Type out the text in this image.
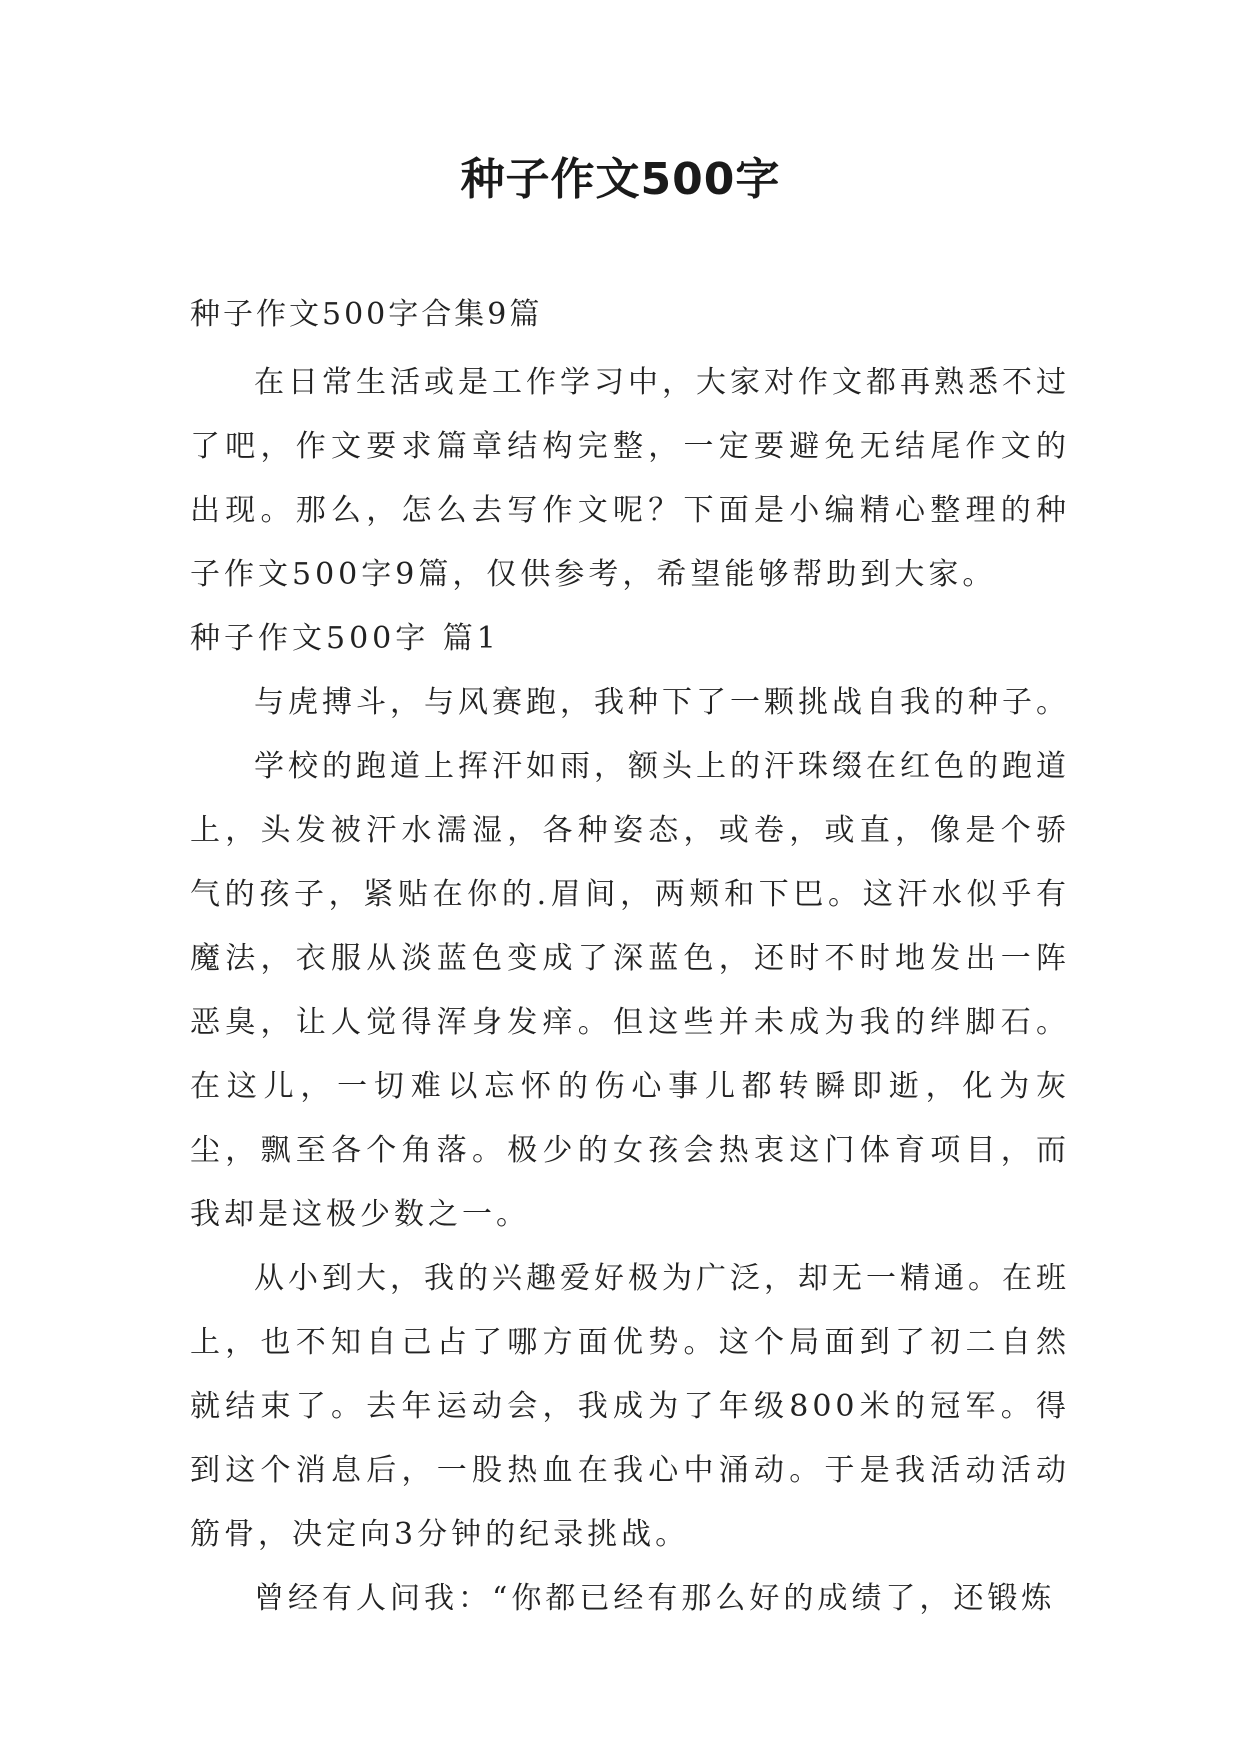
种子作文500字
种子作文500字合集9篇

在日常生活或是工作学习中，大家对作文都再熟悉不过了吧，作文要求篇章结构完整，一定要避免无结尾作文的出现。那么，怎么去写作文呢？下面是小编精心整理的种子作文500字9篇，仅供参考，希望能够帮助到大家。

种子作文500字 篇1

与虎搏斗，与风赛跑，我种下了一颗挑战自我的种子。

学校的跑道上挥汗如雨，额头上的汗珠缀在红色的跑道上，头发被汗水濡湿，各种姿态，或卷，或直，像是个骄气的孩子，紧贴在你的.眉间，两颊和下巴。这汗水似乎有魔法，衣服从淡蓝色变成了深蓝色，还时不时地发出一阵恶臭，让人觉得浑身发痒。但这些并未成为我的绊脚石。在这儿，一切难以忘怀的伤心事儿都转瞬即逝，化为灰尘，飘至各个角落。极少的女孩会热衷这门体育项目，而我却是这极少数之一。

从小到大，我的兴趣爱好极为广泛，却无一精通。在班上，也不知自己占了哪方面优势。这个局面到了初二自然就结束了。去年运动会，我成为了年级800米的冠军。得到这个消息后，一股热血在我心中涌动。于是我活动活动筋骨，决定向3分钟的纪录挑战。

曾经有人问我：“你都已经有那么好的成绩了，还锻炼
